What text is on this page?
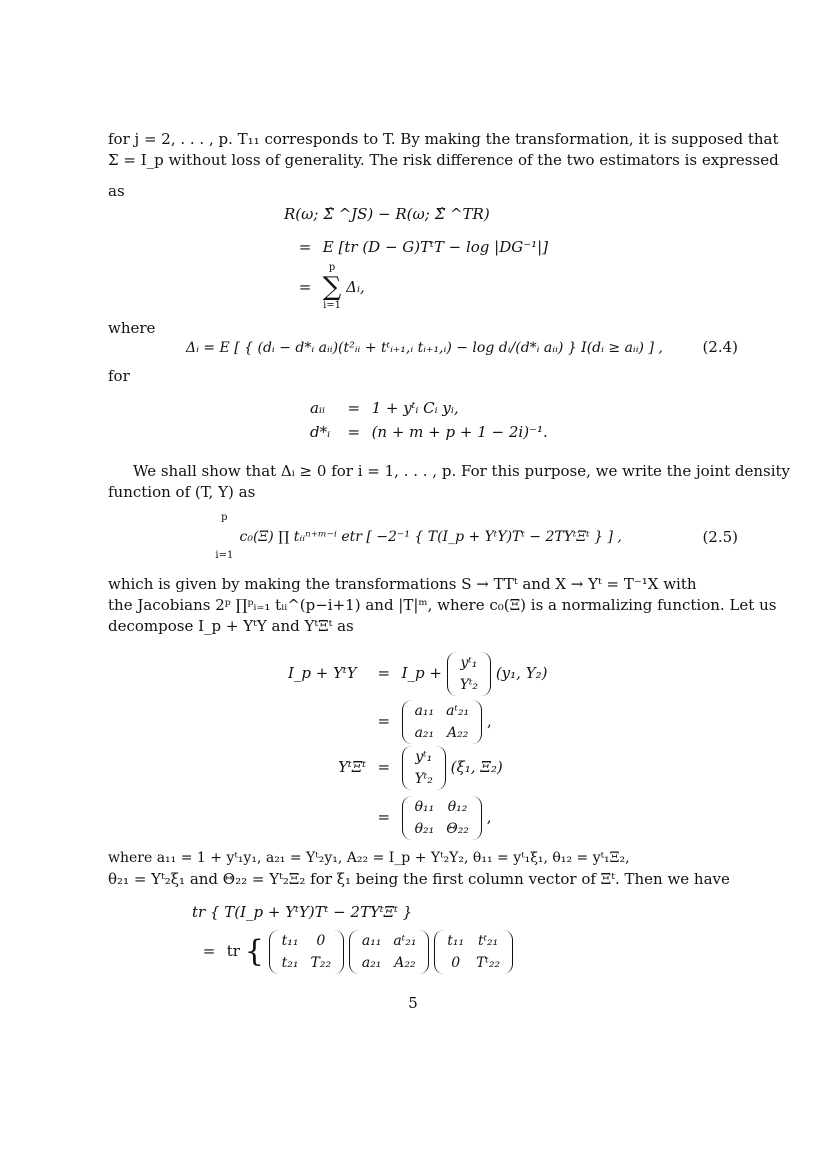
for j = 2, . . . , p. T₁₁ corresponds to T. By making the transformation, it is supposed that
Σ = I_p without loss of generality. The risk difference of the two estimators is expressed
as
R(ω; Σ̂ ^JS) − R(ω; Σ̂ ^TR)
= E [tr (D − G)TᵗT − log |DG⁻¹|]
=
p
∑
i=1
Δᵢ,
where
Δᵢ = E [ { (dᵢ − d*ᵢ aᵢᵢ)(t²ᵢᵢ + tᵗᵢ₊₁,ᵢ tᵢ₊₁,ᵢ) − log dᵢ/(d*ᵢ aᵢᵢ) } I(dᵢ ≥ aᵢᵢ) ] ,	(2.4)
for
aᵢᵢ = 1 + yᵗᵢ Cᵢ yᵢ,
d*ᵢ = (n + m + p + 1 − 2i)⁻¹.
We shall show that Δᵢ ≥ 0 for i = 1, . . . , p. For this purpose, we write the joint density
function of (T, Y) as
p
i=1
c₀(Ξ) ∏ tᵢᵢⁿ⁺ᵐ⁻ⁱ etr [ −2⁻¹ { T(I_p + YᵗY)Tᵗ − 2TYᵗΞᵗ } ] ,	(2.5)
which is given by making the transformations S → TTᵗ and X → Yᵗ = T⁻¹X with
the Jacobians 2ᵖ ∏ᵖᵢ₌₁ tᵢᵢ^(p−i+1) and |T|ᵐ, where c₀(Ξ) is a normalizing function. Let us
decompose I_p + YᵗY and YᵗΞᵗ as
I_p + YᵗY = I_p +
yᵗ₁
Yᵗ₂
(y₁, Y₂)
=
a₁₁	aᵗ₂₁
a₂₁	A₂₂
,
YᵗΞᵗ =
yᵗ₁
Yᵗ₂
(ξ₁, Ξ₂)
=
θ₁₁	θ₁₂
θ₂₁	Θ₂₂
,
where a₁₁ = 1 + yᵗ₁y₁, a₂₁ = Yᵗ₂y₁, A₂₂ = I_p + Yᵗ₂Y₂, θ₁₁ = yᵗ₁ξ₁, θ₁₂ = yᵗ₁Ξ₂,
θ₂₁ = Yᵗ₂ξ₁ and Θ₂₂ = Yᵗ₂Ξ₂ for ξ₁ being the first column vector of Ξᵗ. Then we have
tr { T(I_p + YᵗY)Tᵗ − 2TYᵗΞᵗ }
= tr { t₁₁	0
t₂₁	T₂₂

a₁₁	aᵗ₂₁
a₂₁	A₂₂

t₁₁	tᵗ₂₁
0	Tᵗ₂₂
5
